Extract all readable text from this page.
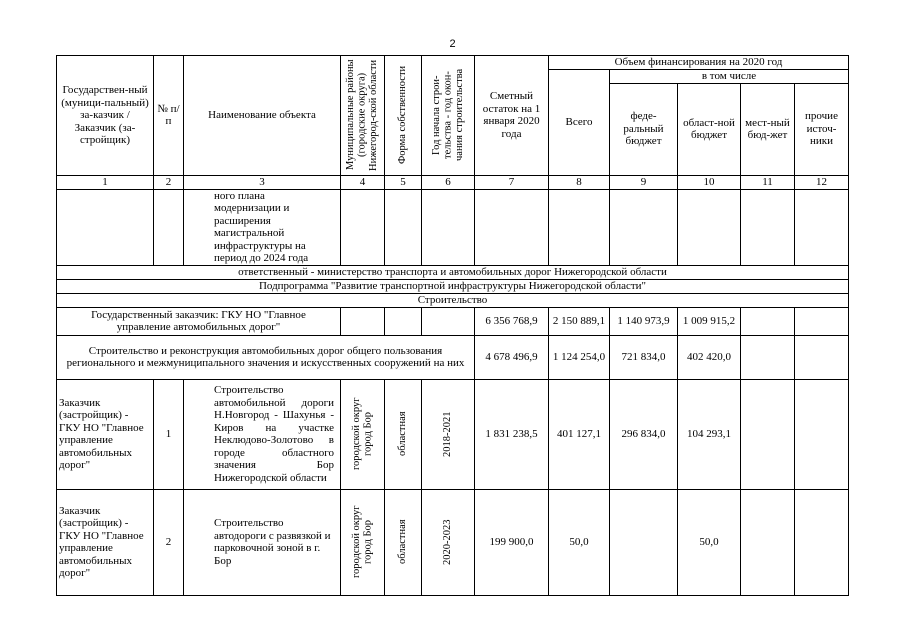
2
Государствен-ный (муници-пальный) за-казчик / Заказчик (за-стройщик)	№ п/п	Наименование объекта	Муниципальные районы (городские округа) Нижегород-ской области	Форма собственности	Год начала строи-тельства - год окон-чания строительства	Сметный остаток на 1 января 2020 года	Объем финансирования на 2020 год				
							Всего	в том числе			
								феде-ральный бюджет	област-ной бюджет	мест-ный бюд-жет	прочие источ-ники
1	2	3	4	5	6	7	8	9	10	11	12
		ного плана модернизации и расширения магистральной инфраструктуры на период до 2024 года									
ответственный - министерство транспорта и автомобильных дорог Нижегородской области											
Подпрограмма "Развитие транспортной инфраструктуры Нижегородской области"											
Строительство											
Государственный заказчик: ГКУ НО "Главное управление автомобильных дорог"						6 356 768,9	2 150 889,1	1 140 973,9	1 009 915,2		
Строительство и реконструкция автомобильных дорог общего пользования регионального и межмуниципального значения и искусственных сооружений на них						4 678 496,9	1 124 254,0	721 834,0	402 420,0		
Заказчик (застройщик) - ГКУ НО "Главное управление автомобильных дорог"	1	Строительство автомобильной дороги Н.Новгород - Шахунья - Киров на участке Неклюдово-Золотово в городе областного значения Бор Нижегородской области	городской округ город Бор	областная	2018-2021	1 831 238,5	401 127,1	296 834,0	104 293,1		
Заказчик (застройщик) - ГКУ НО "Главное управление автомобильных дорог"	2	Строительство автодороги с развязкой и парковочной зоной в г. Бор	городской округ город Бор	областная	2020-2023	199 900,0	50,0		50,0		
